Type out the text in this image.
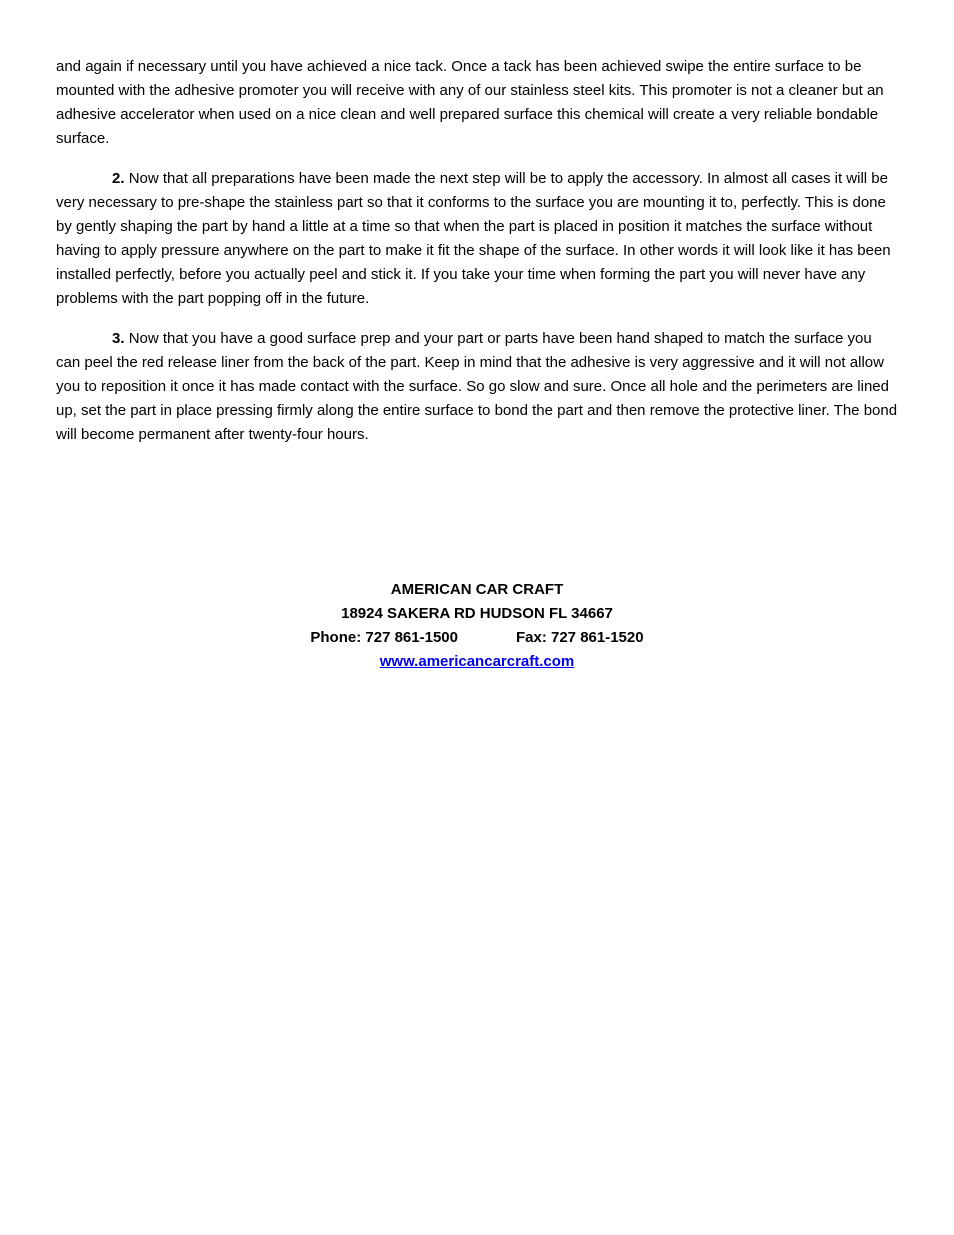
and again if necessary until you have achieved a nice tack. Once a tack has been achieved swipe the entire surface to be mounted with the adhesive promoter you will receive with any of our stainless steel kits. This promoter is not a cleaner but an adhesive accelerator when used on a nice clean and well prepared surface this chemical will create a very reliable bondable surface.

2. Now that all preparations have been made the next step will be to apply the accessory. In almost all cases it will be very necessary to pre-shape the stainless part so that it conforms to the surface you are mounting it to, perfectly. This is done by gently shaping the part by hand a little at a time so that when the part is placed in position it matches the surface without having to apply pressure anywhere on the part to make it fit the shape of the surface. In other words it will look like it has been installed perfectly, before you actually peel and stick it. If you take your time when forming the part you will never have any problems with the part popping off in the future.

3. Now that you have a good surface prep and your part or parts have been hand shaped to match the surface you can peel the red release liner from the back of the part. Keep in mind that the adhesive is very aggressive and it will not allow you to reposition it once it has made contact with the surface. So go slow and sure. Once all hole and the perimeters are lined up, set the part in place pressing firmly along the entire surface to bond the part and then remove the protective liner. The bond will become permanent after twenty-four hours.

AMERICAN CAR CRAFT
18924 SAKERA RD HUDSON FL 34667
Phone: 727 861-1500	Fax: 727 861-1520
www.americancarcraft.com
